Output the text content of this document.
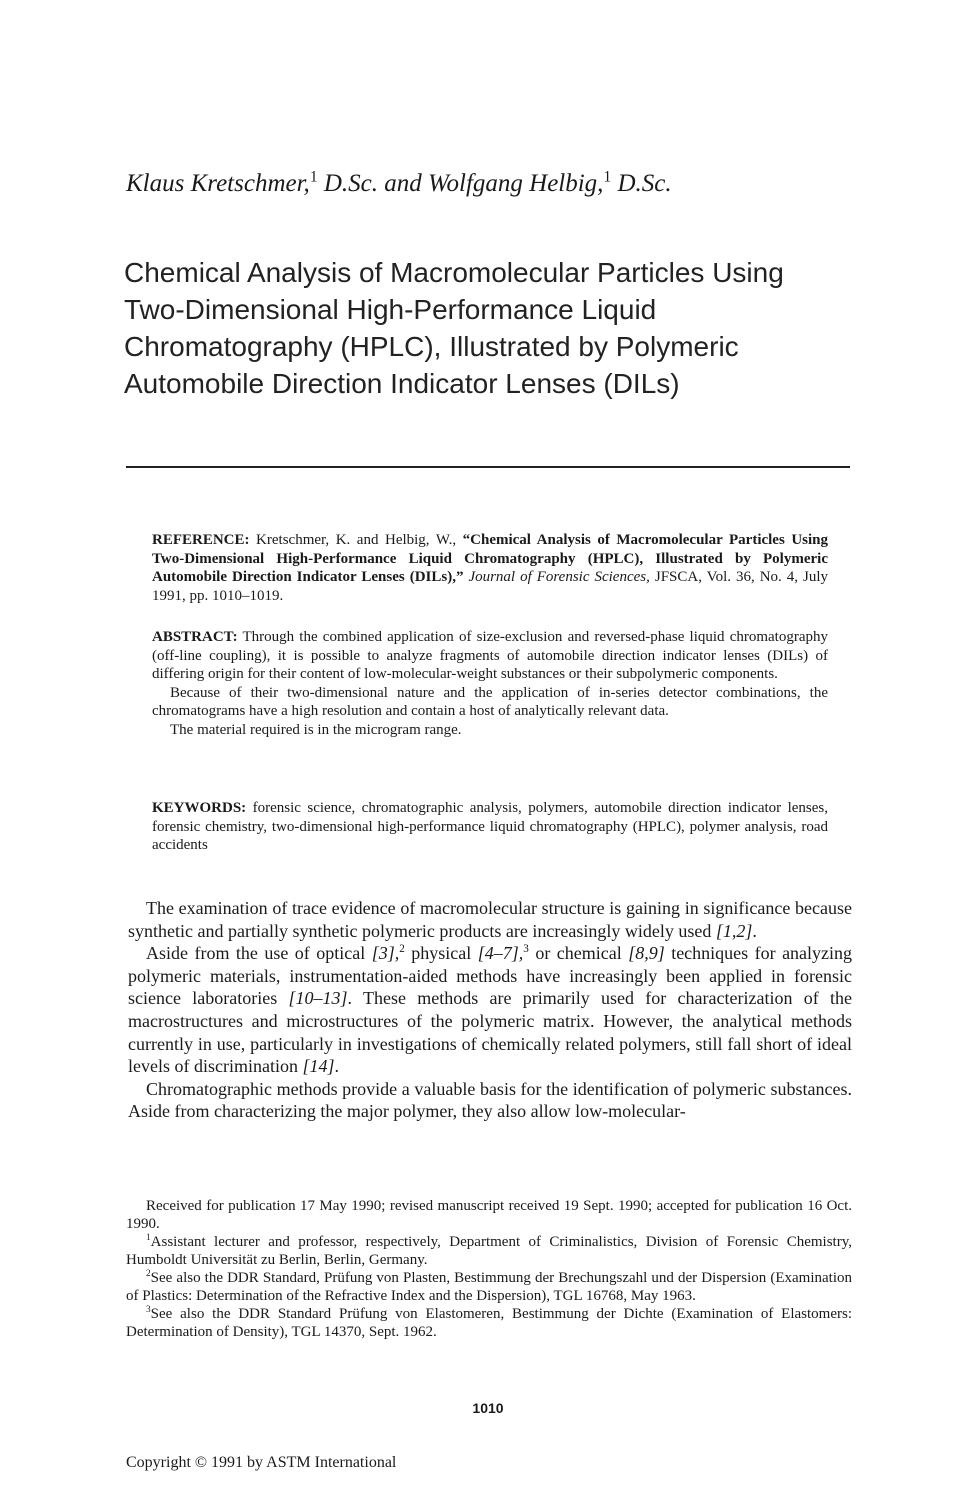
Klaus Kretschmer,$^1$ D.Sc. and Wolfgang Helbig,$^1$ D.Sc.
Chemical Analysis of Macromolecular Particles Using
Two-Dimensional High-Performance Liquid
Chromatography (HPLC), Illustrated by Polymeric
Automobile Direction Indicator Lenses (DILs)
REFERENCE: Kretschmer, K. and Helbig, W., “Chemical Analysis of Macromolecular Particles Using Two-Dimensional High-Performance Liquid Chromatography (HPLC), Illustrated by Polymeric Automobile Direction Indicator Lenses (DILs),” Journal of Forensic Sciences, JFSCA, Vol. 36, No. 4, July 1991, pp. 1010–1019.
ABSTRACT: Through the combined application of size-exclusion and reversed-phase liquid chromatography (off-line coupling), it is possible to analyze fragments of automobile direction indicator lenses (DILs) of differing origin for their content of low-molecular-weight substances or their subpolymeric components.
Because of their two-dimensional nature and the application of in-series detector combinations, the chromatograms have a high resolution and contain a host of analytically relevant data.
The material required is in the microgram range.
KEYWORDS: forensic science, chromatographic analysis, polymers, automobile direction indicator lenses, forensic chemistry, two-dimensional high-performance liquid chromatography (HPLC), polymer analysis, road accidents

The examination of trace evidence of macromolecular structure is gaining in significance because synthetic and partially synthetic polymeric products are increasingly widely used [1,2].

Aside from the use of optical [3],$^2$ physical [4–7],$^3$ or chemical [8,9] techniques for analyzing polymeric materials, instrumentation-aided methods have increasingly been applied in forensic science laboratories [10–13]. These methods are primarily used for characterization of the macrostructures and microstructures of the polymeric matrix. However, the analytical methods currently in use, particularly in investigations of chemically related polymers, still fall short of ideal levels of discrimination [14].

Chromatographic methods provide a valuable basis for the identification of polymeric substances. Aside from characterizing the major polymer, they also allow low-molecular-

Received for publication 17 May 1990; revised manuscript received 19 Sept. 1990; accepted for publication 16 Oct. 1990.

$^1$Assistant lecturer and professor, respectively, Department of Criminalistics, Division of Forensic Chemistry, Humboldt Universität zu Berlin, Berlin, Germany.

$^2$See also the DDR Standard, Prüfung von Plasten, Bestimmung der Brechungszahl und der Dispersion (Examination of Plastics: Determination of the Refractive Index and the Dispersion), TGL 16768, May 1963.

$^3$See also the DDR Standard Prüfung von Elastomeren, Bestimmung der Dichte (Examination of Elastomers: Determination of Density), TGL 14370, Sept. 1962.

1010
Copyright © 1991 by ASTM International
